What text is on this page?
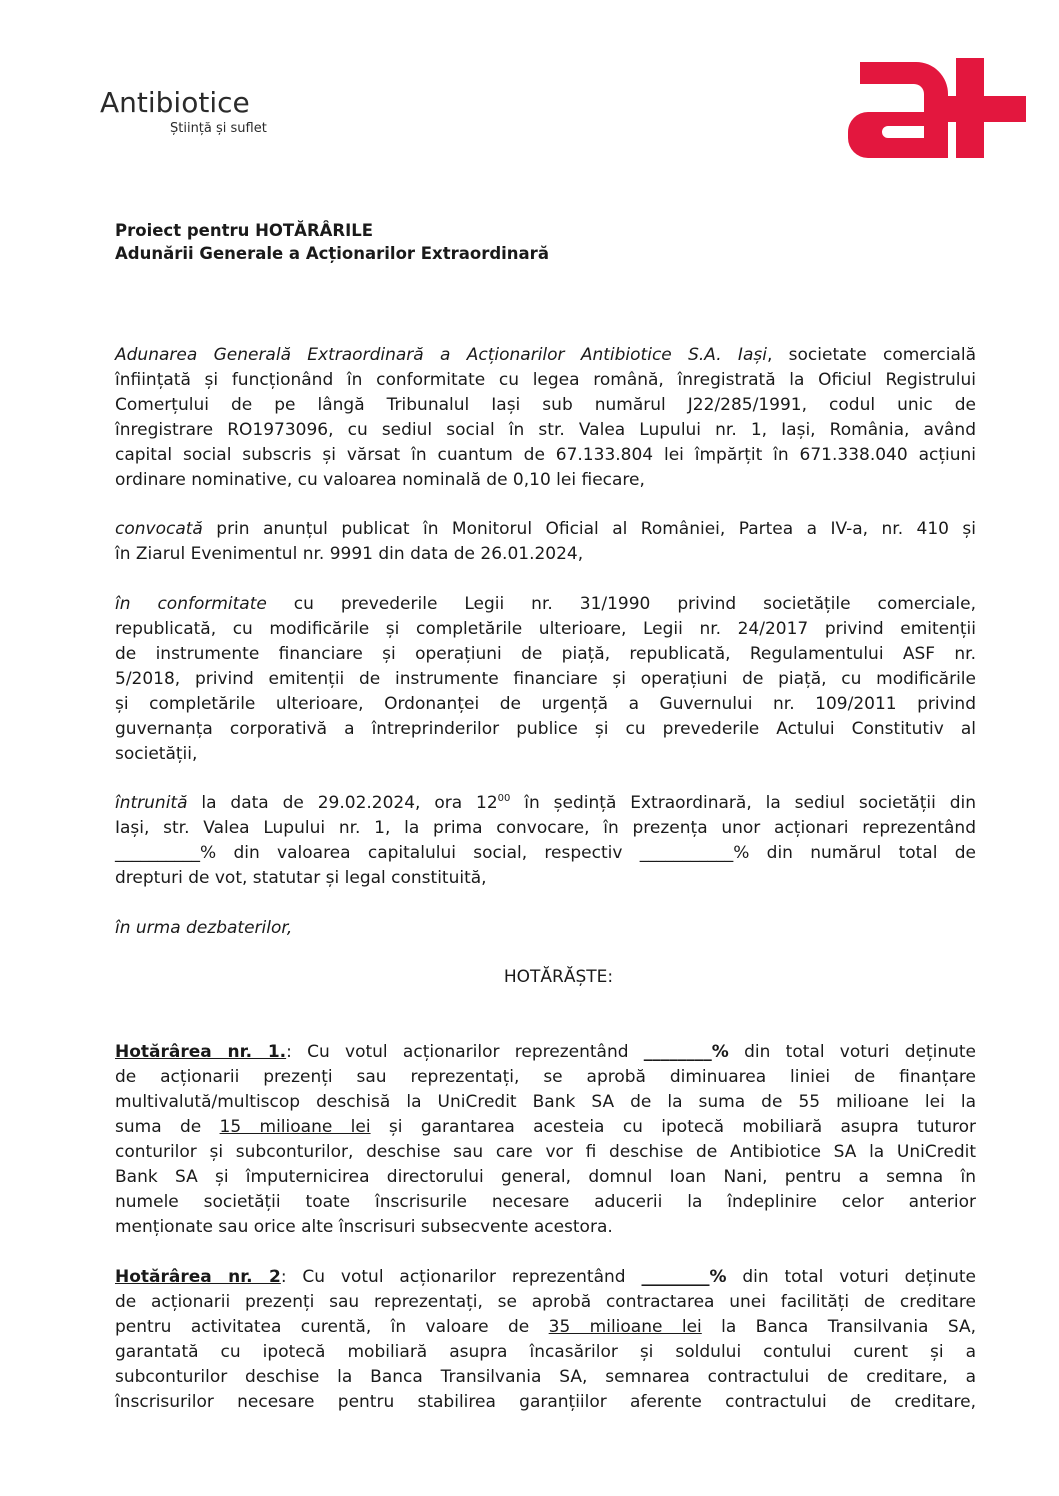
Antibiotice
Știință și suflet
Proiect pentru HOTĂRÂRILE
Adunării Generale a Acționarilor Extraordinară
Adunarea Generală Extraordinară a Acționarilor Antibiotice S.A. Iași, societate comercială
înființată și funcționând în conformitate cu legea română, înregistrată la Oficiul Registrului
Comerțului de pe lângă Tribunalul Iași sub numărul J22/285/1991, codul unic de
înregistrare RO1973096, cu sediul social în str. Valea Lupului nr. 1, Iași, România, având
capital social subscris și vărsat în cuantum de 67.133.804 lei împărțit în 671.338.040 acțiuni
ordinare nominative, cu valoarea nominală de 0,10 lei fiecare,
convocată prin anunțul publicat în Monitorul Oficial al României, Partea a IV-a, nr. 410 și
în Ziarul Evenimentul nr. 9991 din data de 26.01.2024,
în conformitate cu prevederile Legii nr. 31/1990 privind societățile comerciale,
republicată, cu modificările și completările ulterioare, Legii nr. 24/2017 privind emitenții
de instrumente financiare și operațiuni de piață, republicată, Regulamentului ASF nr.
5/2018, privind emitenții de instrumente financiare și operațiuni de piață, cu modificările
și completările ulterioare, Ordonanței de urgență a Guvernului nr. 109/2011 privind
guvernanța corporativă a întreprinderilor publice și cu prevederile Actului Constitutiv al
societății,
întrunită la data de 29.02.2024, ora $12^{00}$ în ședință Extraordinară, la sediul societății din
Iași, str. Valea Lupului nr. 1, la prima convocare, în prezența unor acționari reprezentând
__________% din valoarea capitalului social, respectiv ___________% din numărul total de
drepturi de vot, statutar și legal constituită,
în urma dezbaterilor,
HOTĂRĂȘTE:
Hotărârea nr. 1.: Cu votul acționarilor reprezentând ________% din total voturi deținute
de acționarii prezenți sau reprezentați, se aprobă diminuarea liniei de finanțare
multivalută/multiscop deschisă la UniCredit Bank SA de la suma de 55 milioane lei la
suma de 15 milioane lei și garantarea acesteia cu ipotecă mobiliară asupra tuturor
conturilor și subconturilor, deschise sau care vor fi deschise de Antibiotice SA la UniCredit
Bank SA și împuternicirea directorului general, domnul Ioan Nani, pentru a semna în
numele societății toate înscrisurile necesare aducerii la îndeplinire celor anterior
menționate sau orice alte înscrisuri subsecvente acestora.
Hotărârea nr. 2: Cu votul acționarilor reprezentând ________% din total voturi deținute
de acționarii prezenți sau reprezentați, se aprobă contractarea unei facilități de creditare
pentru activitatea curentă, în valoare de 35 milioane lei la Banca Transilvania SA,
garantată cu ipotecă mobiliară asupra încasărilor și soldului contului curent și a
subconturilor deschise la Banca Transilvania SA, semnarea contractului de creditare, a
înscrisurilor necesare pentru stabilirea garanțiilor aferente contractului de creditare,
